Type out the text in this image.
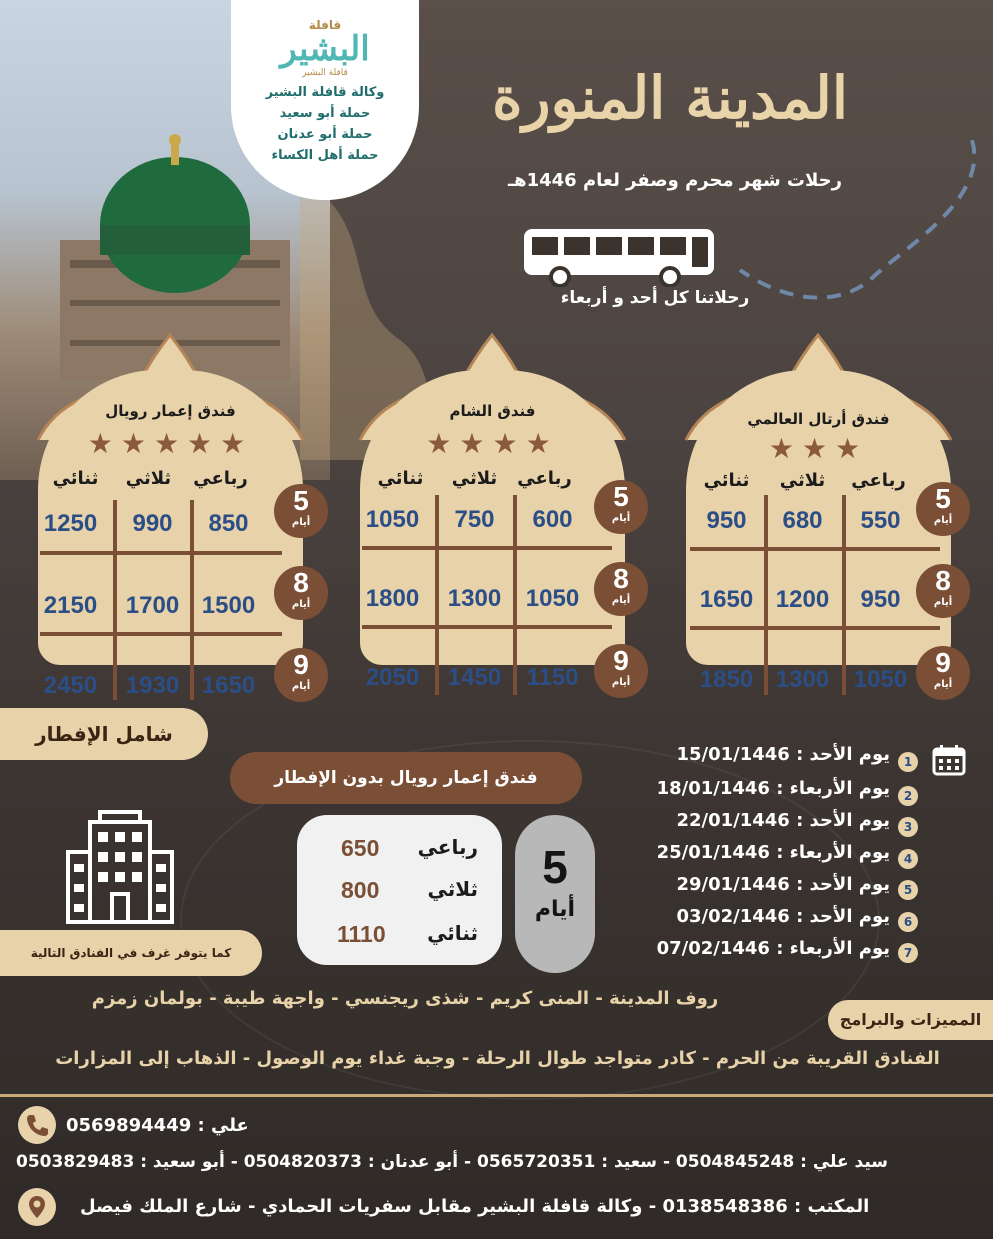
قافلة
البشير
قافلة البشير
وكالة قافلة البشير
حملة أبو سعيد
حملة أبو عدنان
حملة أهل الكساء
المدينة المنورة
رحلات شهر محرم وصفر لعام 1446هـ
رحلاتنا كل أحد و أربعاء
فندق إعمار رويال
★★★★★
رباعي
ثلاثي
ثنائي
850
990
1250
1500
1700
2150
1650
1930
2450
5
أيام
8
أيام
9
أيام
فندق الشام
★★★★
رباعي
ثلاثي
ثنائي
600
750
1050
1050
1300
1800
1150
1450
2050
5
أيام
8
أيام
9
أيام
فندق أرتال العالمي
★★★
رباعي
ثلاثي
ثنائي
550
680
950
950
1200
1650
1050
1300
1850
5
أيام
8
أيام
9
أيام
شامل الإفطار
فندق إعمار رويال بدون الإفطار
كما يتوفر غرف في الفنادق التالية
رباعي
650
ثلاثي
800
ثنائي
1110
5
أيام
1
يوم الأحد : 15/01/1446
2
يوم الأربعاء : 18/01/1446
3
يوم الأحد : 22/01/1446
4
يوم الأربعاء : 25/01/1446
5
يوم الأحد : 29/01/1446
6
يوم الأحد : 03/02/1446
7
يوم الأربعاء : 07/02/1446
روف المدينة - المنى كريم - شذى ريجنسي - واجهة طيبة - بولمان زمزم
المميزات والبرامج
الفنادق القريبة من الحرم - كادر متواجد طوال الرحلة - وجبة غداء يوم الوصول - الذهاب إلى المزارات
علي : 0569894449
سيد علي : 0504845248 - سعيد : 0565720351 - أبو عدنان : 0504820373 - أبو سعيد : 0503829483
المكتب : 0138548386 - وكالة قافلة البشير مقابل سفريات الحمادي - شارع الملك فيصل
